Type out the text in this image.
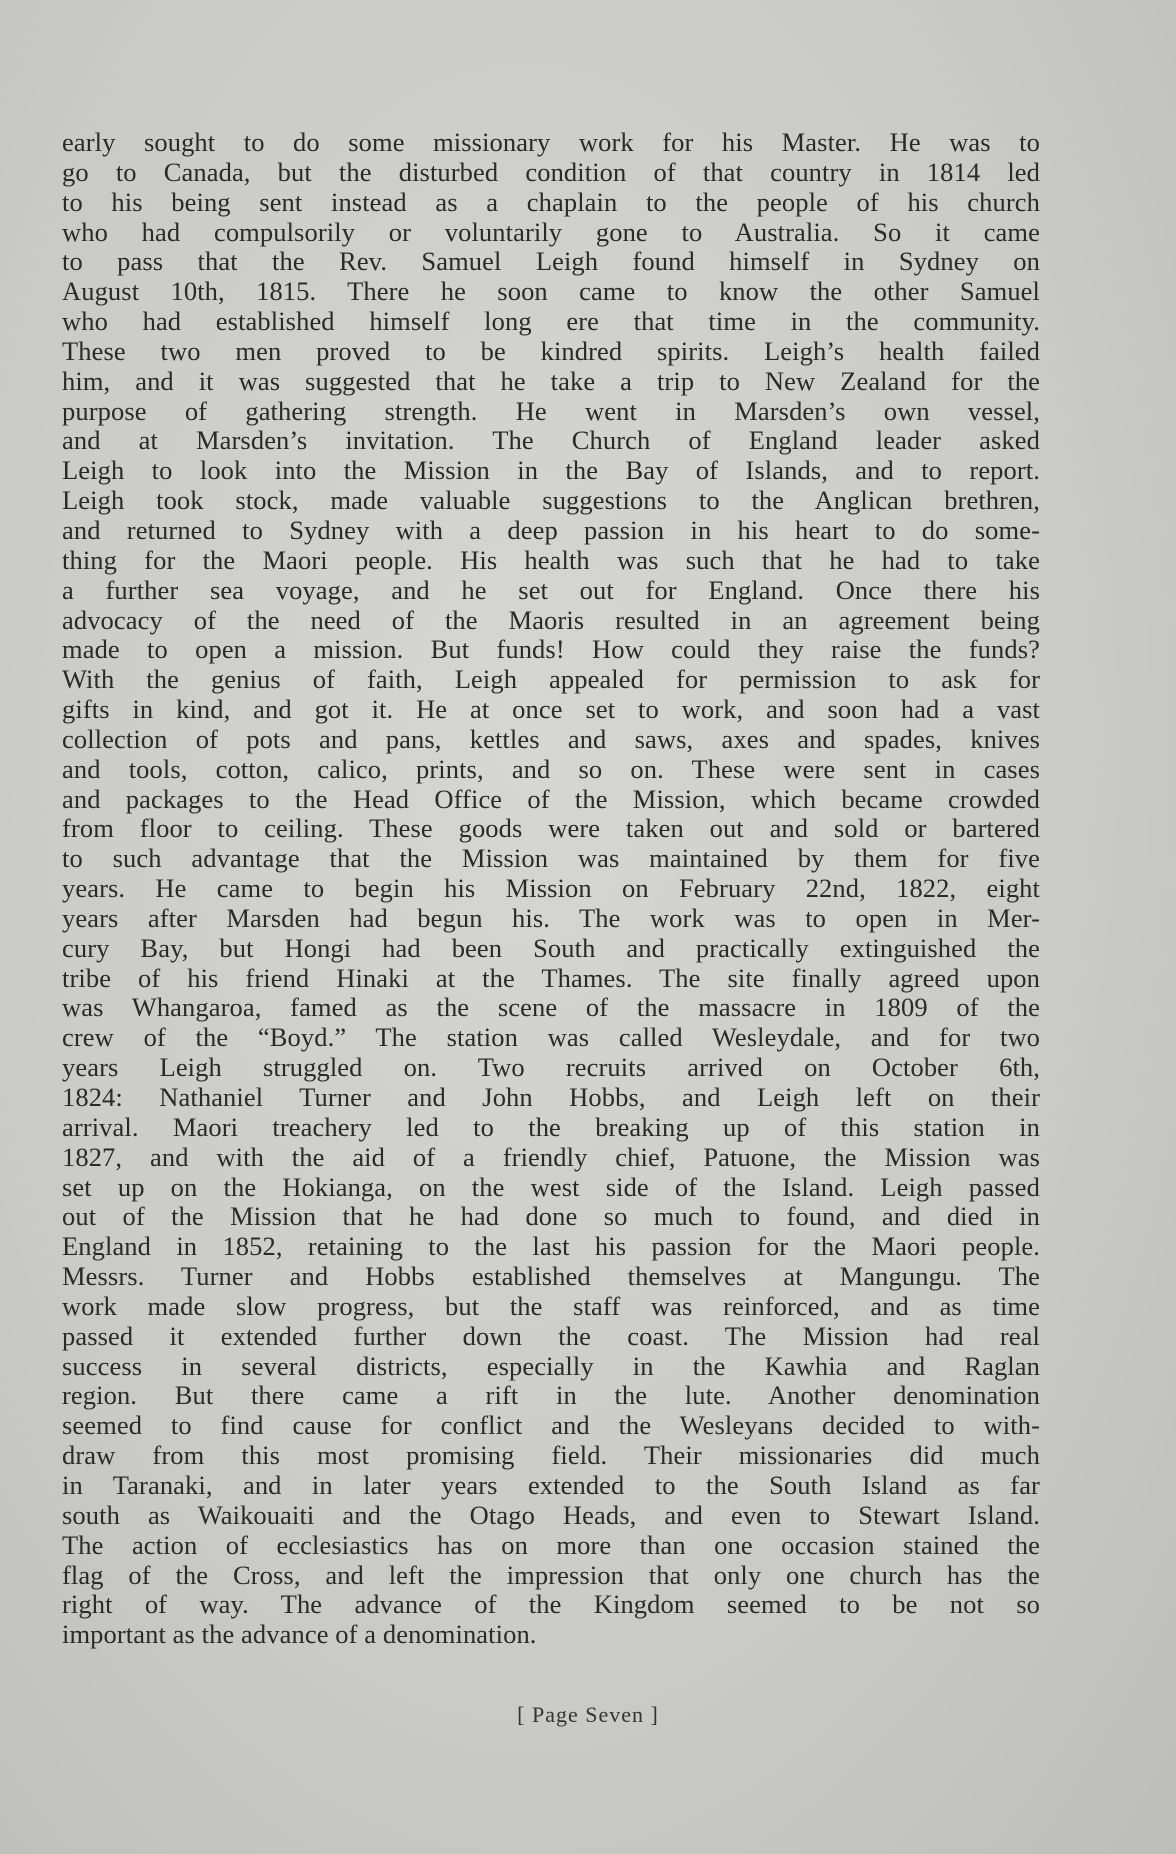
early sought to do some missionary work for his Master. He was to
go to Canada, but the disturbed condition of that country in 1814 led
to his being sent instead as a chaplain to the people of his church
who had compulsorily or voluntarily gone to Australia. So it came
to pass that the Rev. Samuel Leigh found himself in Sydney on
August 10th, 1815. There he soon came to know the other Samuel
who had established himself long ere that time in the community.
These two men proved to be kindred spirits. Leigh’s health failed
him, and it was suggested that he take a trip to New Zealand for the
purpose of gathering strength. He went in Marsden’s own vessel,
and at Marsden’s invitation. The Church of England leader asked
Leigh to look into the Mission in the Bay of Islands, and to report.
Leigh took stock, made valuable suggestions to the Anglican brethren,
and returned to Sydney with a deep passion in his heart to do some-
thing for the Maori people. His health was such that he had to take
a further sea voyage, and he set out for England. Once there his
advocacy of the need of the Maoris resulted in an agreement being
made to open a mission. But funds! How could they raise the funds?
With the genius of faith, Leigh appealed for permission to ask for
gifts in kind, and got it. He at once set to work, and soon had a vast
collection of pots and pans, kettles and saws, axes and spades, knives
and tools, cotton, calico, prints, and so on. These were sent in cases
and packages to the Head Office of the Mission, which became crowded
from floor to ceiling. These goods were taken out and sold or bartered
to such advantage that the Mission was maintained by them for five
years. He came to begin his Mission on February 22nd, 1822, eight
years after Marsden had begun his. The work was to open in Mer-
cury Bay, but Hongi had been South and practically extinguished the
tribe of his friend Hinaki at the Thames. The site finally agreed upon
was Whangaroa, famed as the scene of the massacre in 1809 of the
crew of the “Boyd.” The station was called Wesleydale, and for two
years Leigh struggled on. Two recruits arrived on October 6th,
1824: Nathaniel Turner and John Hobbs, and Leigh left on their
arrival. Maori treachery led to the breaking up of this station in
1827, and with the aid of a friendly chief, Patuone, the Mission was
set up on the Hokianga, on the west side of the Island. Leigh passed
out of the Mission that he had done so much to found, and died in
England in 1852, retaining to the last his passion for the Maori people.
Messrs. Turner and Hobbs established themselves at Mangungu. The
work made slow progress, but the staff was reinforced, and as time
passed it extended further down the coast. The Mission had real
success in several districts, especially in the Kawhia and Raglan
region. But there came a rift in the lute. Another denomination
seemed to find cause for conflict and the Wesleyans decided to with-
draw from this most promising field. Their missionaries did much
in Taranaki, and in later years extended to the South Island as far
south as Waikouaiti and the Otago Heads, and even to Stewart Island.
The action of ecclesiastics has on more than one occasion stained the
flag of the Cross, and left the impression that only one church has the
right of way. The advance of the Kingdom seemed to be not so
important as the advance of a denomination.
[ Page Seven ]
